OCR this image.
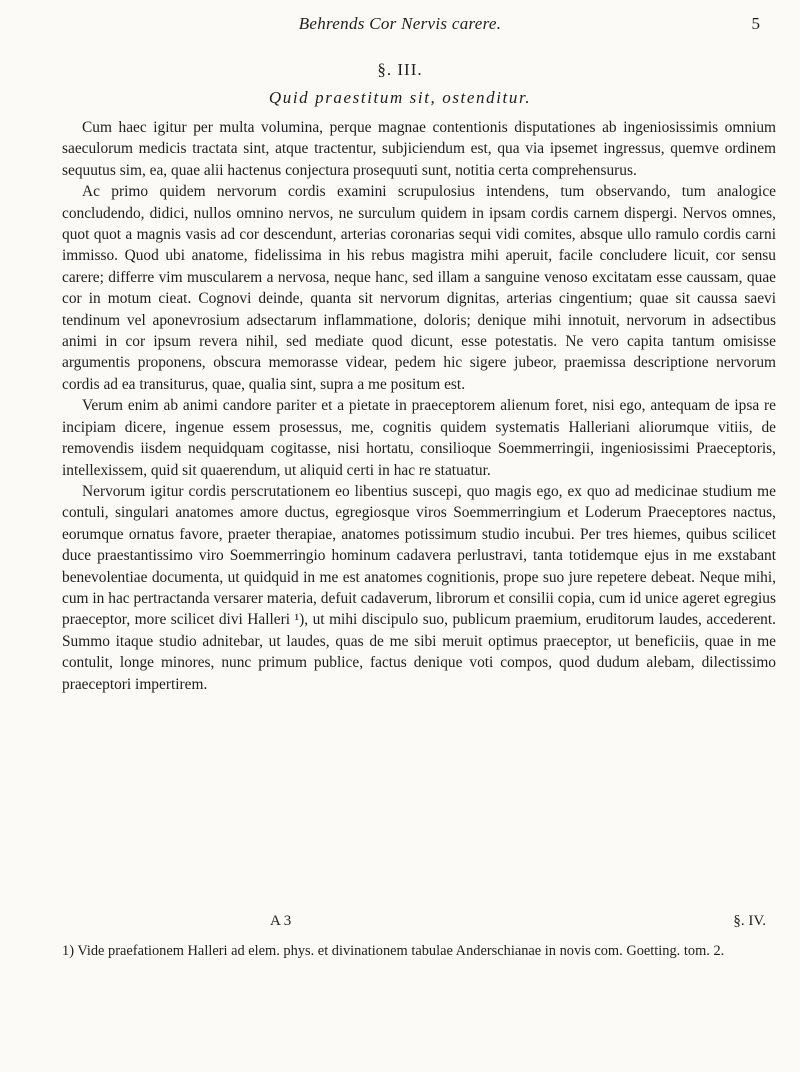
Behrends Cor Nervis carere.	5
§. III.
Quid praestitum sit, ostenditur.

Cum haec igitur per multa volumina, perque magnae contentionis disputationes ab ingeniosissimis omnium saeculorum medicis tractata sint, atque tractentur, subjiciendum est, qua via ipsemet ingressus, quemve ordinem sequutus sim, ea, quae alii hactenus conjectura prosequuti sunt, notitia certa comprehensurus.

Ac primo quidem nervorum cordis examini scrupulosius intendens, tum observando, tum analogice concludendo, didici, nullos omnino nervos, ne surculum quidem in ipsam cordis carnem dispergi. Nervos omnes, quot quot a magnis vasis ad cor descendunt, arterias coronarias sequi vidi comites, absque ullo ramulo cordis carni immisso. Quod ubi anatome, fidelissima in his rebus magistra mihi aperuit, facile concludere licuit, cor sensu carere; differre vim muscularem a nervosa, neque hanc, sed illam a sanguine venoso excitatam esse caussam, quae cor in motum cieat. Cognovi deinde, quanta sit nervorum dignitas, arterias cingentium; quae sit caussa saevi tendinum vel aponevrosium adsectarum inflammatione, doloris; denique mihi innotuit, nervorum in adsectibus animi in cor ipsum revera nihil, sed mediate quod dicunt, esse potestatis. Ne vero capita tantum omisisse argumentis proponens, obscura memorasse videar, pedem hic sigere jubeor, praemissa descriptione nervorum cordis ad ea transiturus, quae, qualia sint, supra a me positum est.

Verum enim ab animi candore pariter et a pietate in praeceptorem alienum foret, nisi ego, antequam de ipsa re incipiam dicere, ingenue essem prosessus, me, cognitis quidem systematis Halleriani aliorumque vitiis, de removendis iisdem nequidquam cogitasse, nisi hortatu, consilioque Soemmerringii, ingeniosissimi Praeceptoris, intellexissem, quid sit quaerendum, ut aliquid certi in hac re statuatur.

Nervorum igitur cordis perscrutationem eo libentius suscepi, quo magis ego, ex quo ad medicinae studium me contuli, singulari anatomes amore ductus, egregiosque viros Soemmerringium et Loderum Praeceptores nactus, eorumque ornatus favore, praeter therapiae, anatomes potissimum studio incubui. Per tres hiemes, quibus scilicet duce praestantissimo viro Soemmerringio hominum cadavera perlustravi, tanta totidemque ejus in me exstabant benevolentiae documenta, ut quidquid in me est anatomes cognitionis, prope suo jure repetere debeat. Neque mihi, cum in hac pertractanda versarer materia, defuit cadaverum, librorum et consilii copia, cum id unice ageret egregius praeceptor, more scilicet divi Halleri ¹), ut mihi discipulo suo, publicum praemium, eruditorum laudes, accederent. Summo itaque studio adnitebar, ut laudes, quas de me sibi meruit optimus praeceptor, ut beneficiis, quae in me contulit, longe minores, nunc primum publice, factus denique voti compos, quod dudum alebam, dilectissimo praeceptori impertirem.

A 3	§. IV.

1) Vide praefationem Halleri ad elem. phys. et divinationem tabulae Anderschianae in novis com. Goetting. tom. 2.
